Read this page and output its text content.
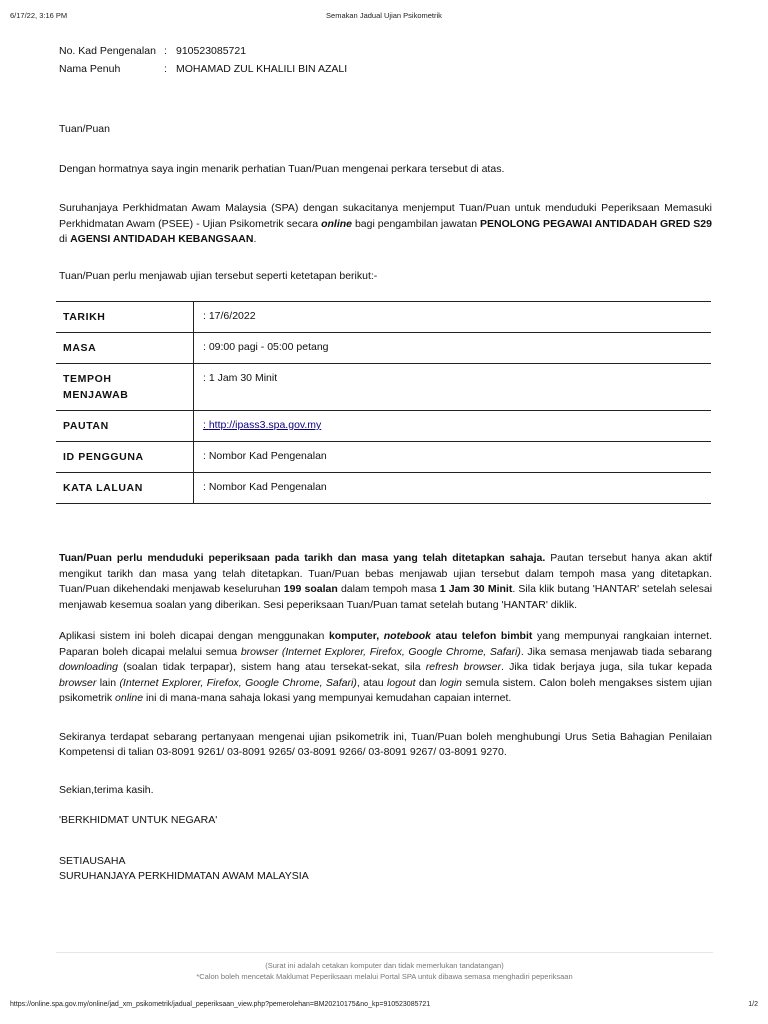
6/17/22, 3:16 PM	Semakan Jadual Ujian Psikometrik
No. Kad Pengenalan : 910523085721
Nama Penuh	: MOHAMAD ZUL KHALILI BIN AZALI

Tuan/Puan

Dengan hormatnya saya ingin menarik perhatian Tuan/Puan mengenai perkara tersebut di atas.

Suruhanjaya Perkhidmatan Awam Malaysia (SPA) dengan sukacitanya menjemput Tuan/Puan untuk menduduki Peperiksaan Memasuki Perkhidmatan Awam (PSEE) - Ujian Psikometrik secara online bagi pengambilan jawatan PENOLONG PEGAWAI ANTIDADAH GRED S29 di AGENSI ANTIDADAH KEBANGSAAN.

Tuan/Puan perlu menjawab ujian tersebut seperti ketetapan berikut:-

TARIKH	: 17/6/2022
MASA	: 09:00 pagi - 05:00 petang
TEMPOH
MENJAWAB	: 1 Jam 30 Minit
PAUTAN	: http://ipass3.spa.gov.my
ID PENGGUNA	: Nombor Kad Pengenalan
KATA LALUAN	: Nombor Kad Pengenalan

Tuan/Puan perlu menduduki peperiksaan pada tarikh dan masa yang telah ditetapkan sahaja. Pautan tersebut hanya akan aktif mengikut tarikh dan masa yang telah ditetapkan. Tuan/Puan bebas menjawab ujian tersebut dalam tempoh masa yang ditetapkan. Tuan/Puan dikehendaki menjawab keseluruhan 199 soalan dalam tempoh masa 1 Jam 30 Minit. Sila klik butang 'HANTAR' setelah selesai menjawab kesemua soalan yang diberikan. Sesi peperiksaan Tuan/Puan tamat setelah butang 'HANTAR' diklik.

Aplikasi sistem ini boleh dicapai dengan menggunakan komputer, notebook atau telefon bimbit yang mempunyai rangkaian internet. Paparan boleh dicapai melalui semua browser (Internet Explorer, Firefox, Google Chrome, Safari). Jika semasa menjawab tiada sebarang downloading (soalan tidak terpapar), sistem hang atau tersekat-sekat, sila refresh browser. Jika tidak berjaya juga, sila tukar kepada browser lain (Internet Explorer, Firefox, Google Chrome, Safari), atau logout dan login semula sistem. Calon boleh mengakses sistem ujian psikometrik online ini di mana-mana sahaja lokasi yang mempunyai kemudahan capaian internet.

Sekiranya terdapat sebarang pertanyaan mengenai ujian psikometrik ini, Tuan/Puan boleh menghubungi Urus Setia Bahagian Penilaian Kompetensi di talian 03-8091 9261/ 03-8091 9265/ 03-8091 9266/ 03-8091 9267/ 03-8091 9270.

Sekian,terima kasih.

'BERKHIDMAT UNTUK NEGARA'

SETIAUSAHA
SURUHANJAYA PERKHIDMATAN AWAM MALAYSIA
(Surat ini adalah cetakan komputer dan tidak memerlukan tandatangan)
*Calon boleh mencetak Maklumat Peperiksaan melalui Portal SPA untuk dibawa semasa menghadiri peperiksaan
https://online.spa.gov.my/online/jad_xm_psikometrik/jadual_peperiksaan_view.php?pemerolehan=BM20210175&no_kp=910523085721	1/2
